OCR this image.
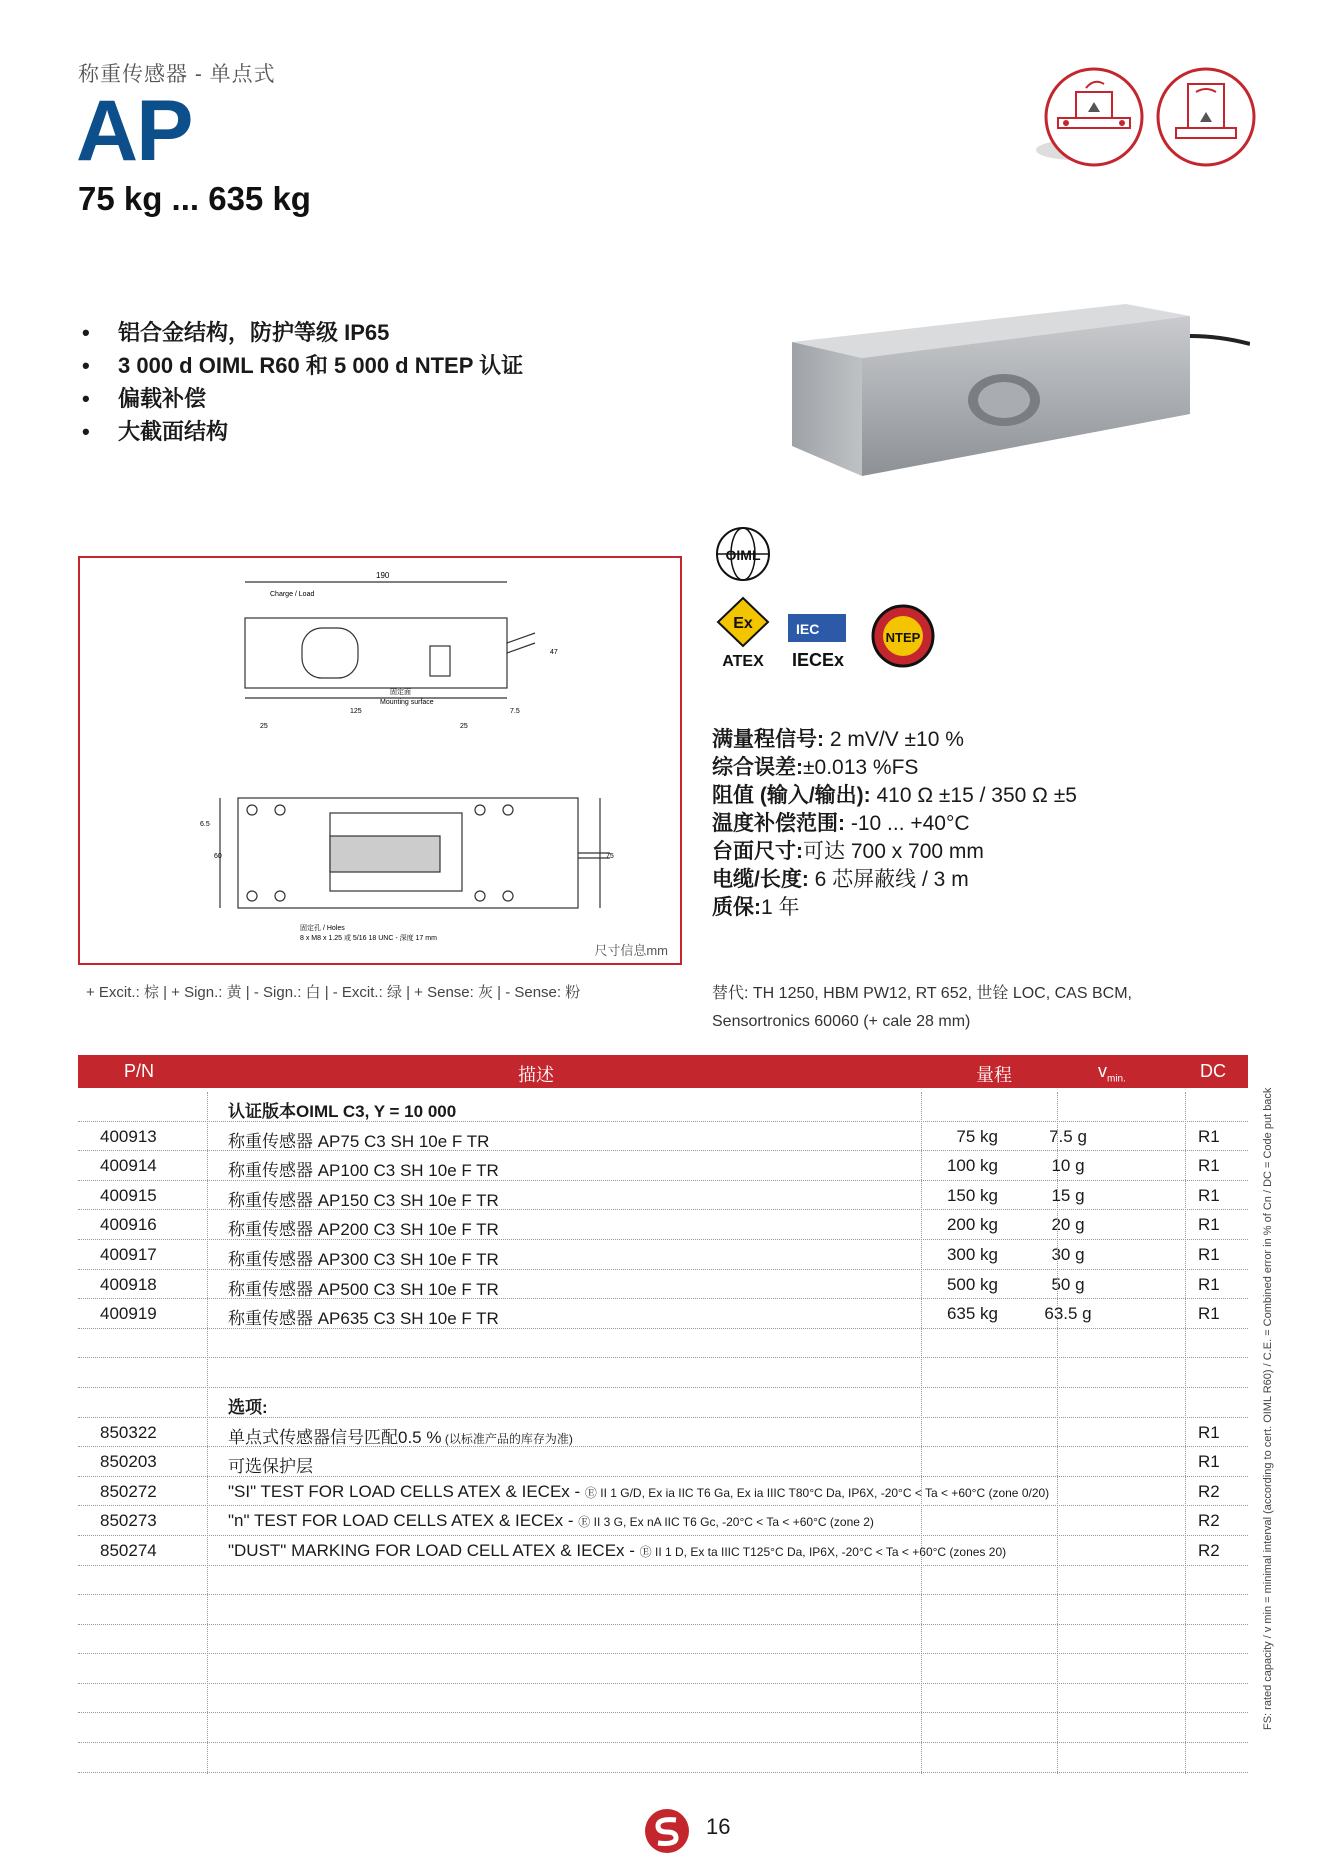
称重传感器 - 单点式
AP
75 kg ... 635 kg
• 铝合金结构，防护等级 IP65
• 3 000 d OIML R60 和 5 000 d NTEP 认证
• 偏载补偿
• 大截面结构
190
Charge / Load
47
固定面
Mounting surface
125	7.5
25	25
6.5
60	75
固定孔 / Holes
8 x M8 x 1.25 或 5/16 18 UNC - 深度 17 mm
尺寸信息mm
+ Excit.: 棕 | + Sign.: 黄 | - Sign.: 白 | - Excit.: 绿 | + Sense: 灰 | - Sense: 粉
OIML
Ex
ATEX
IEC
IECEx
NTEP
满量程信号: 2 mV/V ±10 %
综合误差:±0.013 %FS
阻值 (输入/输出): 410 Ω ±15 / 350 Ω ±5
温度补偿范围: -10 ... +40°C
台面尺寸:可达 700 x 700 mm
电缆/长度: 6 芯屏蔽线 / 3 m
质保:1 年
替代: TH 1250, HBM PW12, RT 652, 世铨 LOC, CAS BCM,
Sensortronics 60060 (+ cale 28 mm)
P/N	描述	量程	$v_{min.}$	DC
认证版本OIML C3, Y = 10 000
400913	称重传感器 AP75 C3 SH 10e F TR	75 kg	7.5 g	R1
400914	称重传感器 AP100 C3 SH 10e F TR	100 kg	10 g	R1
400915	称重传感器 AP150 C3 SH 10e F TR	150 kg	15 g	R1
400916	称重传感器 AP200 C3 SH 10e F TR	200 kg	20 g	R1
400917	称重传感器 AP300 C3 SH 10e F TR	300 kg	30 g	R1
400918	称重传感器 AP500 C3 SH 10e F TR	500 kg	50 g	R1
400919	称重传感器 AP635 C3 SH 10e F TR	635 kg	63.5 g	R1
选项:
850322	单点式传感器信号匹配0.5 % (以标准产品的库存为准)	R1
850203	可选保护层	R1
850272	"SI" TEST FOR LOAD CELLS ATEX & IECEx - Ⓔ II 1 G/D, Ex ia IIC T6 Ga, Ex ia IIIC T80°C Da, IP6X, -20°C < Ta < +60°C (zone 0/20)	R2
850273	"n" TEST FOR LOAD CELLS ATEX & IECEx - Ⓔ II 3 G, Ex nA IIC T6 Gc, -20°C < Ta < +60°C (zone 2)	R2
850274	"DUST" MARKING FOR LOAD CELL ATEX & IECEx - Ⓔ II 1 D, Ex ta IIIC T125°C Da, IP6X, -20°C < Ta < +60°C (zones 20)	R2	FS: rated capacity / v min = minimal interval (according to cert. OIML R60) / C.E. = Combined error in % of Cn / DC = Code put back
16
